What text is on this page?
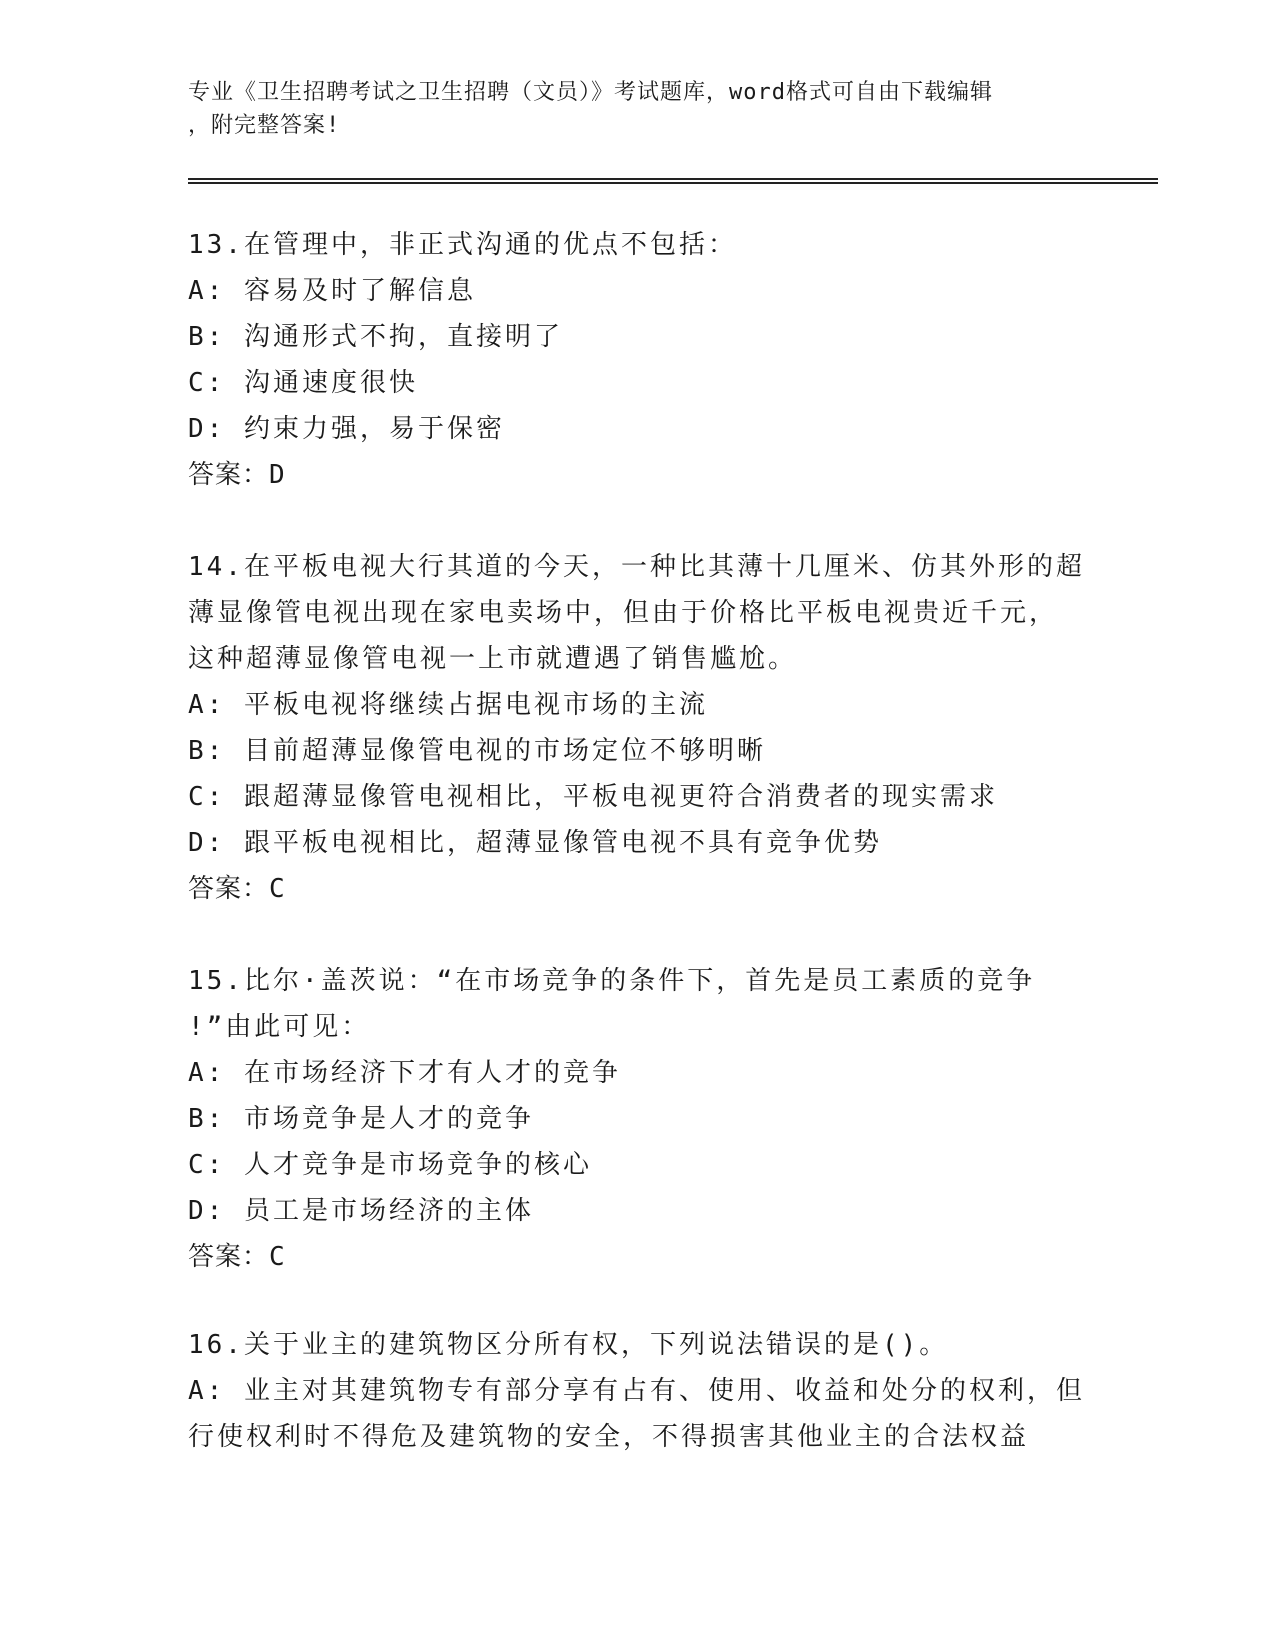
专业《卫生招聘考试之卫生招聘（文员）》考试题库，word格式可自由下载编辑
，附完整答案!
13.在管理中，非正式沟通的优点不包括：
A: 容易及时了解信息
B: 沟通形式不拘，直接明了
C: 沟通速度很快
D: 约束力强，易于保密
答案：D
14.在平板电视大行其道的今天，一种比其薄十几厘米、仿其外形的超
薄显像管电视出现在家电卖场中，但由于价格比平板电视贵近千元，
这种超薄显像管电视一上市就遭遇了销售尴尬。
A: 平板电视将继续占据电视市场的主流
B: 目前超薄显像管电视的市场定位不够明晰
C: 跟超薄显像管电视相比，平板电视更符合消费者的现实需求
D: 跟平板电视相比，超薄显像管电视不具有竞争优势
答案：C
15.比尔·盖茨说：“在市场竞争的条件下，首先是员工素质的竞争
!”由此可见：
A: 在市场经济下才有人才的竞争
B: 市场竞争是人才的竞争
C: 人才竞争是市场竞争的核心
D: 员工是市场经济的主体
答案：C
16.关于业主的建筑物区分所有权，下列说法错误的是()。
A: 业主对其建筑物专有部分享有占有、使用、收益和处分的权利，但
行使权利时不得危及建筑物的安全，不得损害其他业主的合法权益
